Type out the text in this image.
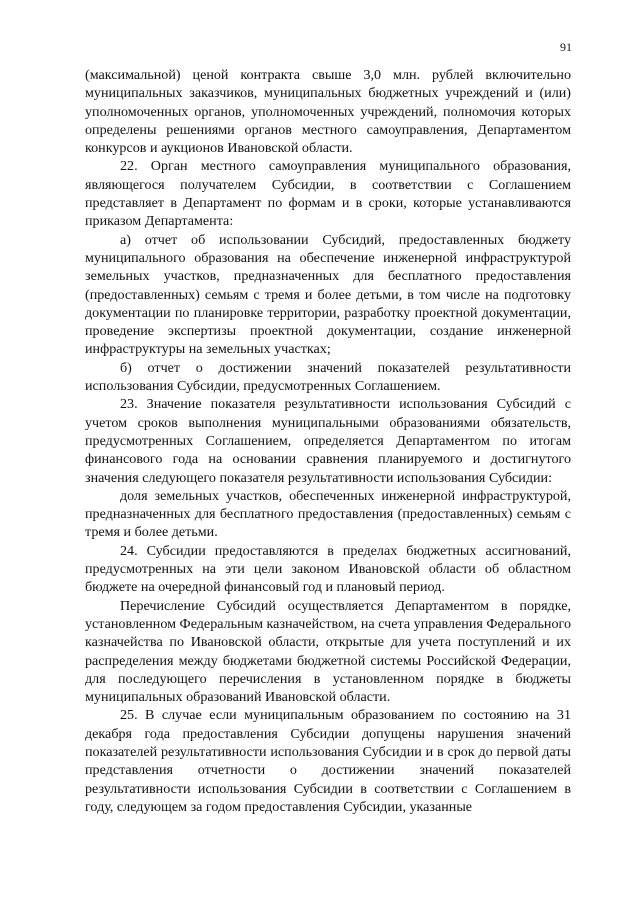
91

(максимальной) ценой контракта свыше 3,0 млн. рублей включительно муниципальных заказчиков, муниципальных бюджетных учреждений и (или) уполномоченных органов, уполномоченных учреждений, полномочия которых определены решениями органов местного самоуправления, Департаментом конкурсов и аукционов Ивановской области.

22. Орган местного самоуправления муниципального образования, являющегося получателем Субсидии, в соответствии с Соглашением представляет в Департамент по формам и в сроки, которые устанавливаются приказом Департамента:

а) отчет об использовании Субсидий, предоставленных бюджету муниципального образования на обеспечение инженерной инфраструктурой земельных участков, предназначенных для бесплатного предоставления (предоставленных) семьям с тремя и более детьми, в том числе на подготовку документации по планировке территории, разработку проектной документации, проведение экспертизы проектной документации, создание инженерной инфраструктуры на земельных участках;

б) отчет о достижении значений показателей результативности использования Субсидии, предусмотренных Соглашением.

23. Значение показателя результативности использования Субсидий с учетом сроков выполнения муниципальными образованиями обязательств, предусмотренных Соглашением, определяется Департаментом по итогам финансового года на основании сравнения планируемого и достигнутого значения следующего показателя результативности использования Субсидии:

доля земельных участков, обеспеченных инженерной инфраструктурой, предназначенных для бесплатного предоставления (предоставленных) семьям с тремя и более детьми.

24. Субсидии предоставляются в пределах бюджетных ассигнований, предусмотренных на эти цели законом Ивановской области об областном бюджете на очередной финансовый год и плановый период.

Перечисление Субсидий осуществляется Департаментом в порядке, установленном Федеральным казначейством, на счета управления Федерального казначейства по Ивановской области, открытые для учета поступлений и их распределения между бюджетами бюджетной системы Российской Федерации, для последующего перечисления в установленном порядке в бюджеты муниципальных образований Ивановской области.

25. В случае если муниципальным образованием по состоянию на 31 декабря года предоставления Субсидии допущены нарушения значений показателей результативности использования Субсидии и в срок до первой даты представления отчетности о достижении значений показателей результативности использования Субсидии в соответствии с Соглашением в году, следующем за годом предоставления Субсидии, указанные
